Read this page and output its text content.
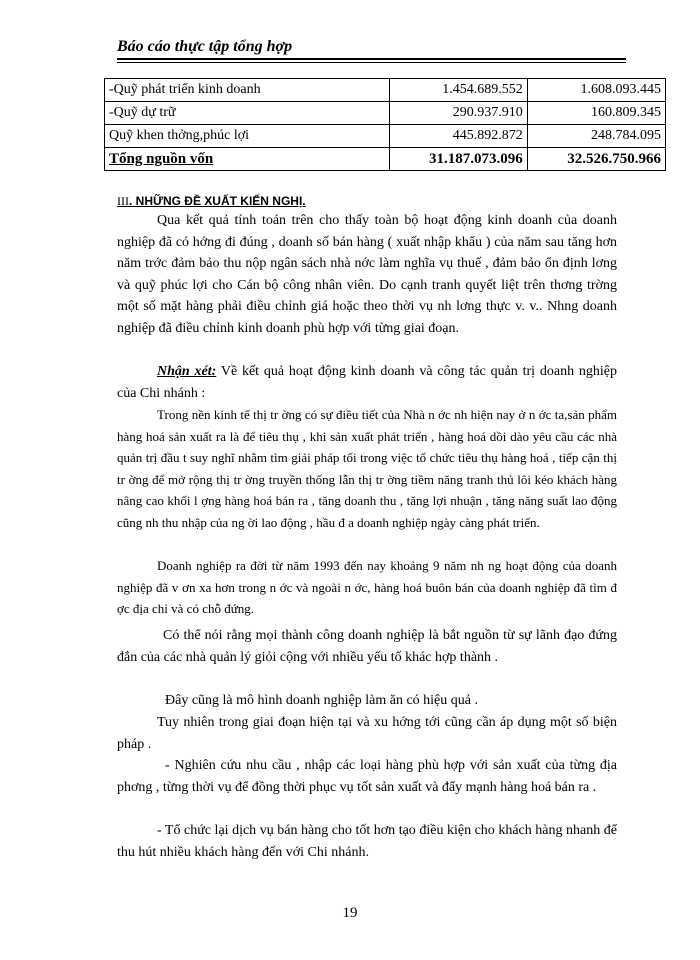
Báo cáo thực tập tổng hợp
-Quỹ phát triển kinh doanh	1.454.689.552	1.608.093.445
-Quỹ dự trữ	290.937.910	160.809.345
Quỹ khen thởng,phúc lợi	445.892.872	248.784.095
Tổng nguồn vốn	31.187.073.096	32.526.750.966
III. NHỮNG ĐỀ XUẤT KIẾN NGHỊ.

Qua kết quả tính toán trên cho thấy toàn bộ hoạt động kinh doanh của doanh nghiệp đã có hớng đi đúng , doanh số bán hàng ( xuất nhập khẩu ) của năm sau tăng hơn năm trớc đảm bảo thu nộp ngân sách nhà nớc làm nghĩa vụ thuế , đảm bảo ổn định lơng và quỹ phúc lợi cho Cán bộ công nhân viên. Do cạnh tranh quyết liệt trên thơng trờng một số mặt hàng phải điều chỉnh giá hoặc theo thời vụ nh lơng thực v. v.. Nhng doanh nghiệp đã điều chỉnh kinh doanh phù hợp với từng giai đoạn.

Nhận xét: Về kết quả hoạt động kinh doanh và công tác quản trị doanh nghiệp của Chi nhánh :

Trong nền kinh tế thị tr ờng có sự điều tiết của Nhà n ớc nh hiện nay ở n ớc ta,sản phẩm hàng hoá sản xuất ra là để tiêu thụ , khi sản xuất phát triển , hàng hoá dồi dào yêu cầu các nhà quản trị đầu t suy nghĩ nhằm tìm giải pháp tối trong việc tổ chức tiêu thụ hàng hoá , tiếp cận thị tr ờng để mở rộng thị tr ờng truyền thống lẫn thị tr ờng tiềm năng tranh thủ lôi kéo khách hàng nâng cao khối l ợng hàng hoá bán ra , tăng doanh thu , tăng lợi nhuận , tăng năng suất lao động cũng nh thu nhập của ng ời lao động , hầu đ a doanh nghiệp ngày càng phát triển.

Doanh nghiệp ra đời từ năm 1993 đến nay khoảng 9 năm nh ng hoạt động của doanh nghiệp đã v ơn xa hơn trong n ớc và ngoài n ớc, hàng hoá buôn bán của doanh nghiệp đã tìm đ ợc địa chỉ và có chỗ đứng.

Có thể nói rằng mọi thành công doanh nghiệp là bắt nguồn từ sự lãnh đạo đứng đắn của các nhà quản lý giỏi cộng với nhiều yếu tố khác hợp thành .

Đây cũng là mô hình doanh nghiệp làm ăn có hiệu quả .

Tuy nhiên trong giai đoạn hiện tại và xu hớng tới cũng cần áp dụng một số biện pháp .

- Nghiên cứu nhu cầu , nhập các loại hàng phù hợp với sản xuất của từng địa phơng , từng thời vụ để đồng thời phục vụ tốt sản xuất và đẩy mạnh hàng hoá bán ra .

- Tổ chức lại dịch vụ bán hàng cho tốt hơn tạo điều kiện cho khách hàng nhanh để thu hút nhiều khách hàng đến với Chi nhánh.

19
